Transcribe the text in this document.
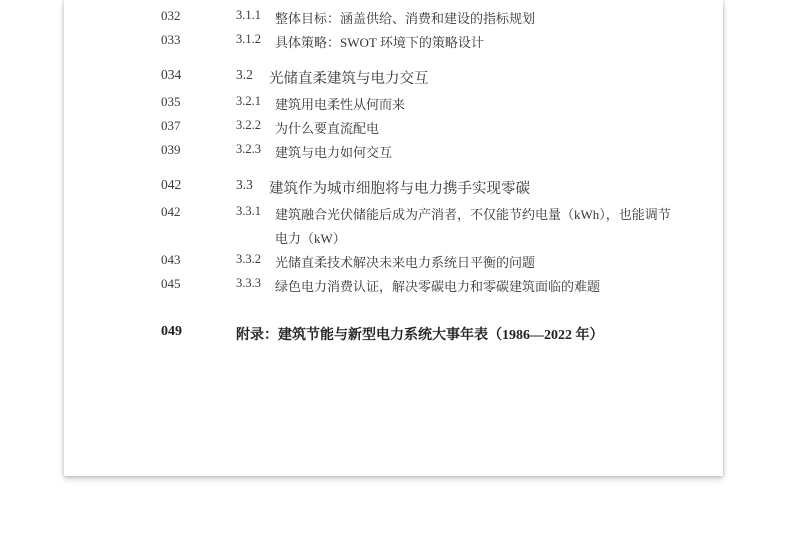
032	3.1.1 整体目标：涵盖供给、消费和建设的指标规划
033	3.1.2 具体策略：SWOT 环境下的策略设计
034	3.2 光储直柔建筑与电力交互
035	3.2.1 建筑用电柔性从何而来
037	3.2.2 为什么要直流配电
039	3.2.3 建筑与电力如何交互
042	3.3 建筑作为城市细胞将与电力携手实现零碳
042	3.3.1 建筑融合光伏储能后成为产消者，不仅能节约电量（kWh），也能调节
电力（kW）
043	3.3.2 光储直柔技术解决未来电力系统日平衡的问题
045	3.3.3 绿色电力消费认证，解决零碳电力和零碳建筑面临的难题
049	附录：建筑节能与新型电力系统大事年表（1986—2022 年）
